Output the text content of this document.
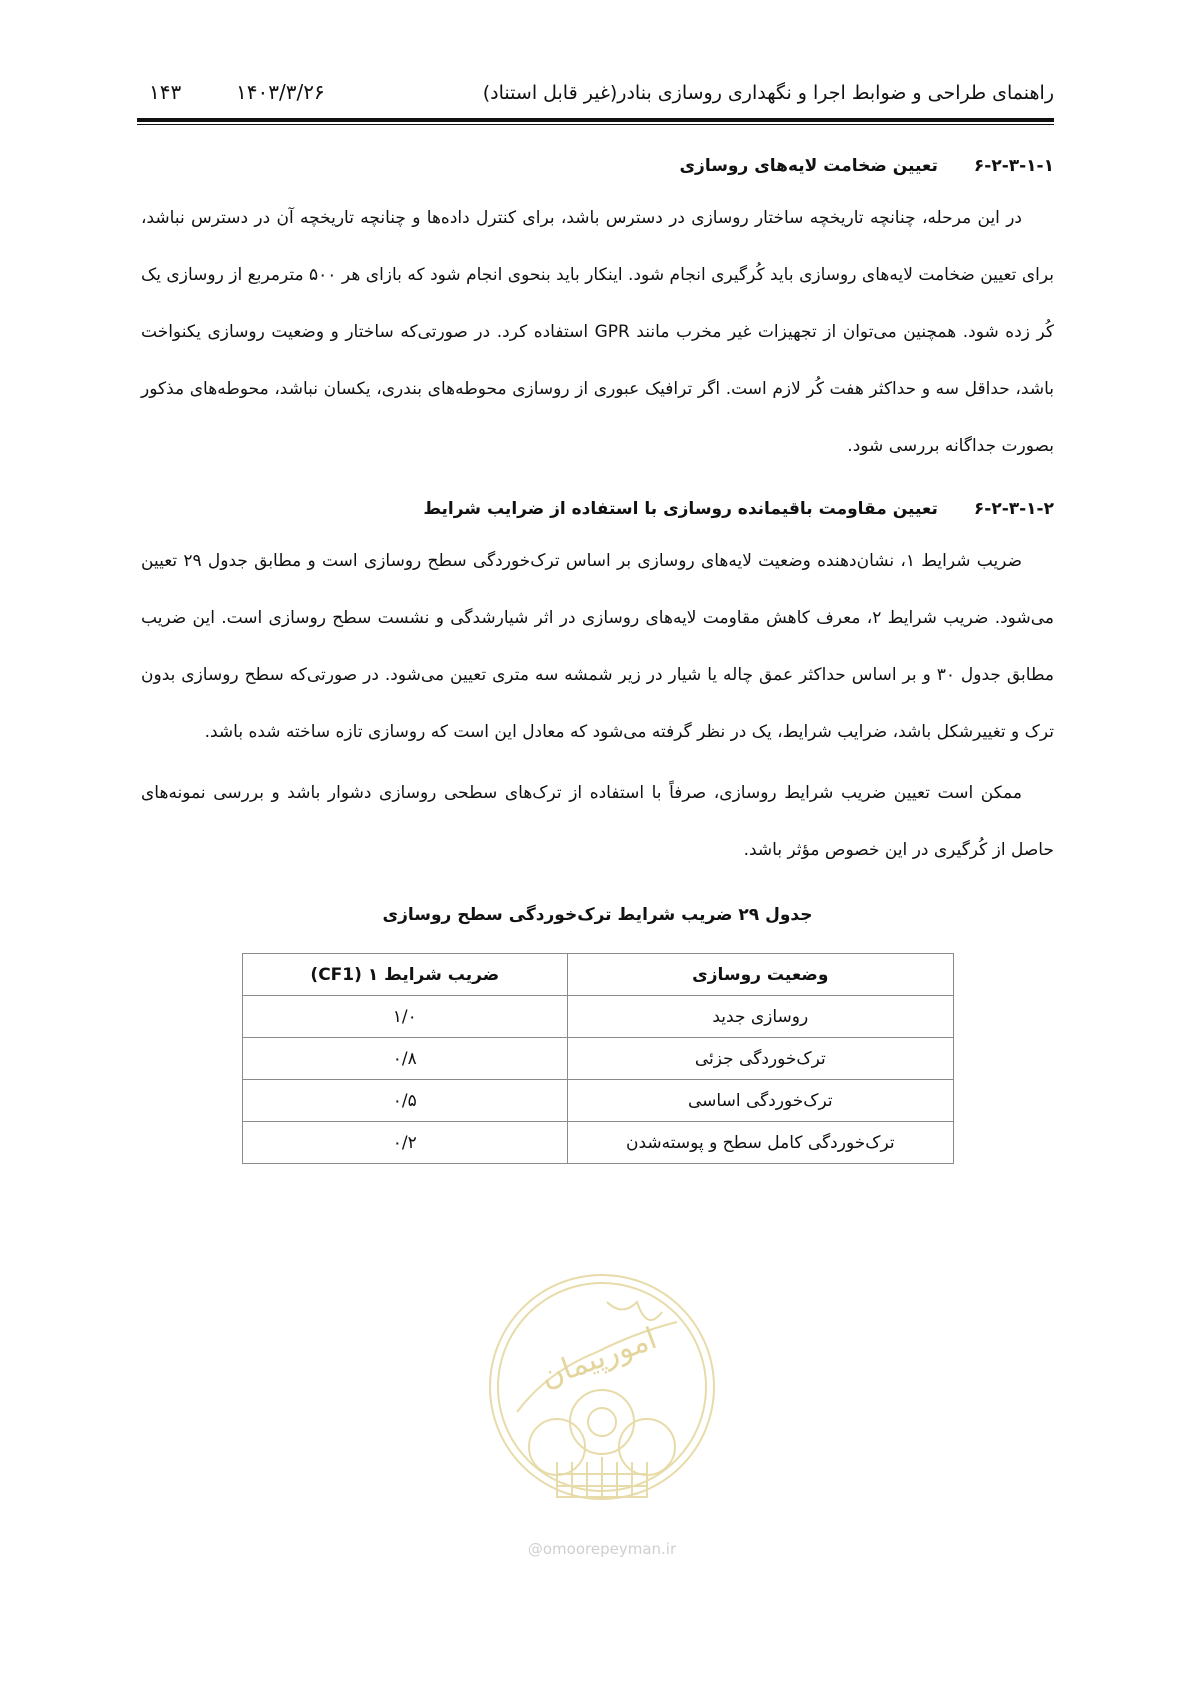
راهنمای طراحی و ضوابط اجرا و نگهداری روسازی بنادر(غیر قابل استناد)
۱۴۰۳/۳/۲۶
۱۴۳
۶-۲-۳-۱-۱تعیین ضخامت لایه‌های روسازی

در این مرحله، چنانچه تاریخچه ساختار روسازی در دسترس باشد، برای کنترل داده‌ها و چنانچه تاریخچه آن در دسترس نباشد، برای تعیین ضخامت لایه‌های روسازی باید کُرگیری انجام شود. اینکار باید بنحوی انجام شود که بازای هر ۵۰۰ مترمربع از روسازی یک کُر زده شود. همچنین می‌توان از تجهیزات غیر مخرب مانند GPR استفاده کرد. در صورتی‌که ساختار و وضعیت روسازی یکنواخت باشد، حداقل سه و حداکثر هفت کُر لازم است. اگر ترافیک عبوری از روسازی محوطه‌های بندری، یکسان نباشد، محوطه‌های مذکور بصورت جداگانه بررسی شود.

۶-۲-۳-۱-۲تعیین مقاومت باقیمانده روسازی با استفاده از ضرایب شرایط

ضریب شرایط ۱، نشان‌دهنده وضعیت لایه‌های روسازی بر اساس ترک‌خوردگی سطح روسازی است و مطابق جدول ۲۹ تعیین می‌شود. ضریب شرایط ۲، معرف کاهش مقاومت لایه‌های روسازی در اثر شیارشدگی و نشست سطح روسازی است. این ضریب مطابق جدول ۳۰ و بر اساس حداکثر عمق چاله یا شیار در زیر شمشه سه متری تعیین می‌شود. در صورتی‌که سطح روسازی بدون ترک و تغییرشکل باشد، ضرایب شرایط، یک در نظر گرفته می‌شود که معادل این است که روسازی تازه ساخته شده باشد.

ممکن است تعیین ضریب شرایط روسازی، صرفاً با استفاده از ترک‌های سطحی روسازی دشوار باشد و بررسی نمونه‌های حاصل از کُرگیری در این خصوص مؤثر باشد.

جدول ۲۹ ضریب شرایط ترک‌خوردگی سطح روسازی
وضعیت روسازی	ضریب شرایط ۱ (CF1)
روسازی جدید	۱/۰
ترک‌خوردگی جزئی	۰/۸
ترک‌خوردگی اساسی	۰/۵
ترک‌خوردگی کامل سطح و پوسته‌شدن	۰/۲
امورپیمان
@omoorepeyman.ir
